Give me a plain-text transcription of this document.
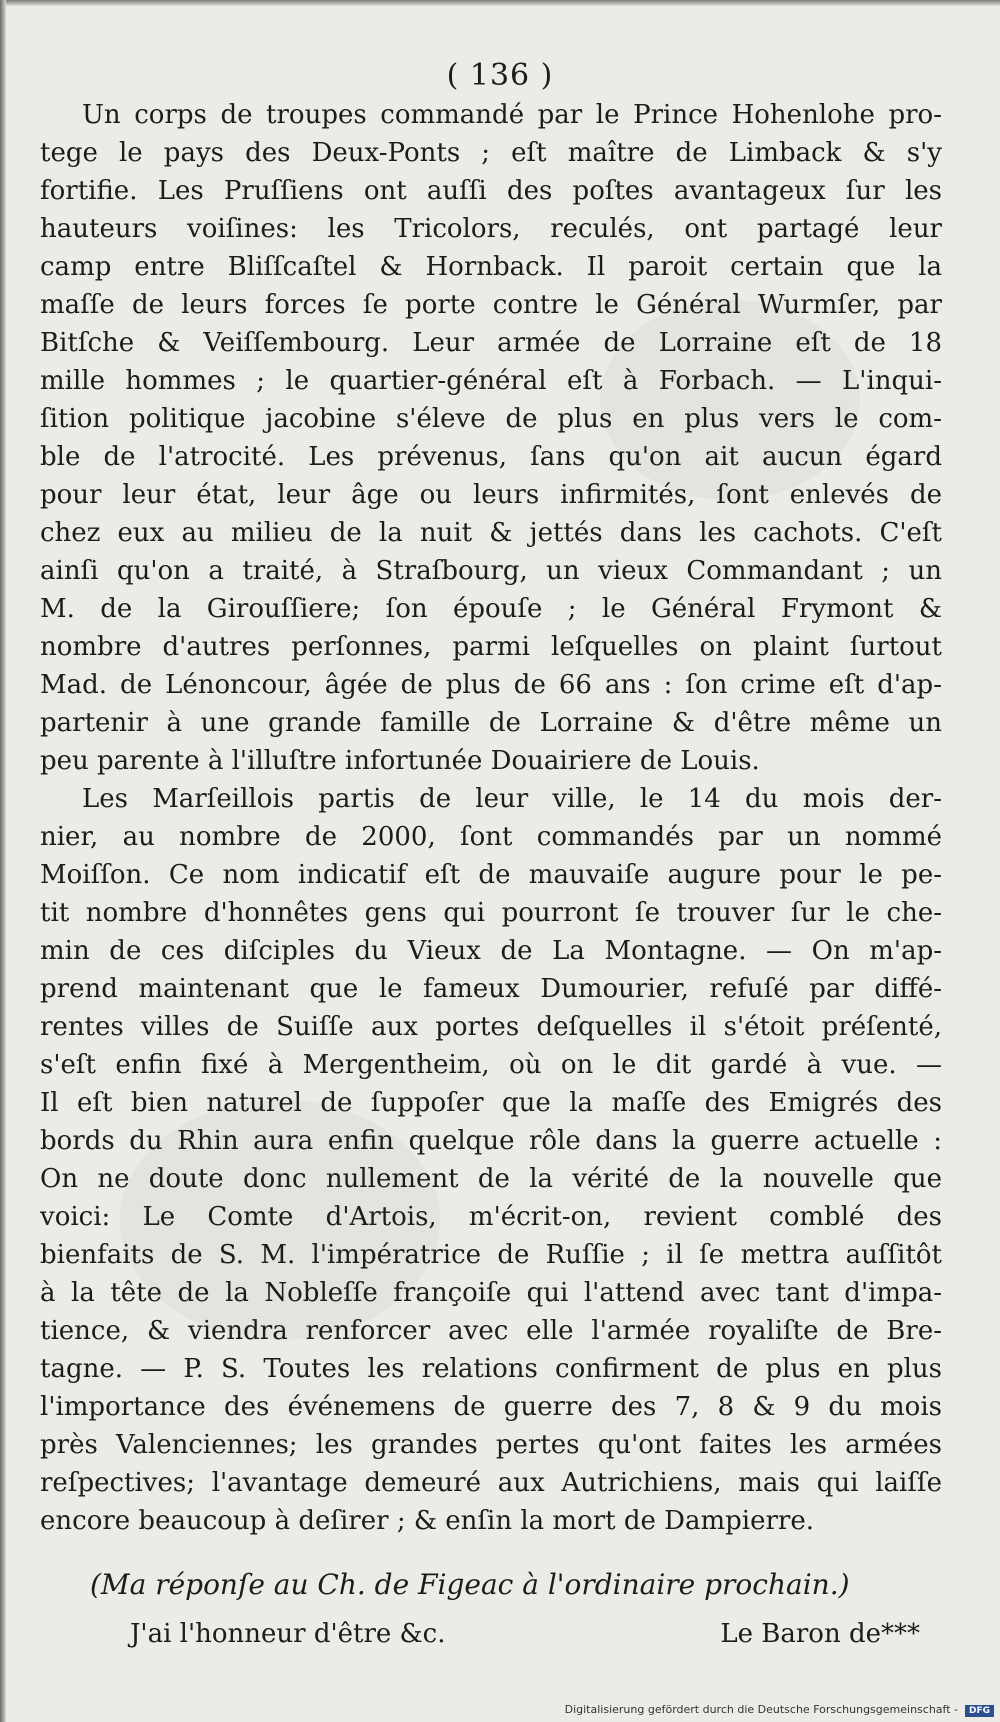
( 136 )
Un corps de troupes commandé par le Prince Hohenlohe pro-
tege le pays des Deux-Ponts ; eſt maître de Limback & s'y
fortifie. Les Pruſſiens ont auſſi des poſtes avantageux ſur les
hauteurs voiſines: les Tricolors, reculés, ont partagé leur
camp entre Bliſſcaſtel & Hornback. Il paroit certain que la
maſſe de leurs forces ſe porte contre le Général Wurmſer, par
Bitſche & Veiſſembourg. Leur armée de Lorraine eſt de 18
mille hommes ; le quartier-général eſt à Forbach. — L'inqui-
ſition politique jacobine s'éleve de plus en plus vers le com-
ble de l'atrocité. Les prévenus, ſans qu'on ait aucun égard
pour leur état, leur âge ou leurs infirmités, ſont enlevés de
chez eux au milieu de la nuit & jettés dans les cachots. C'eſt
ainſi qu'on a traité, à Straſbourg, un vieux Commandant ; un
M. de la Girouſſiere; ſon épouſe ; le Général Frymont &
nombre d'autres perſonnes, parmi leſquelles on plaint ſurtout
Mad. de Lénoncour, âgée de plus de 66 ans : ſon crime eſt d'ap-
partenir à une grande famille de Lorraine & d'être même un
peu parente à l'illuſtre infortunée Douairiere de Louis.
Les Marſeillois partis de leur ville, le 14 du mois der-
nier, au nombre de 2000, ſont commandés par un nommé
Moiſſon. Ce nom indicatif eſt de mauvaiſe augure pour le pe-
tit nombre d'honnêtes gens qui pourront ſe trouver ſur le che-
min de ces diſciples du Vieux de La Montagne. — On m'ap-
prend maintenant que le fameux Dumourier, refuſé par diffé-
rentes villes de Suiſſe aux portes deſquelles il s'étoit préſenté,
s'eſt enfin fixé à Mergentheim, où on le dit gardé à vue. —
Il eſt bien naturel de ſuppoſer que la maſſe des Emigrés des
bords du Rhin aura enfin quelque rôle dans la guerre actuelle :
On ne doute donc nullement de la vérité de la nouvelle que
voici: Le Comte d'Artois, m'écrit-on, revient comblé des
bienfaits de S. M. l'impératrice de Ruſſie ; il ſe mettra auſſitôt
à la tête de la Nobleſſe françoiſe qui l'attend avec tant d'impa-
tience, & viendra renforcer avec elle l'armée royaliſte de Bre-
tagne. — P. S. Toutes les relations confirment de plus en plus
l'importance des événemens de guerre des 7, 8 & 9 du mois
près Valenciennes; les grandes pertes qu'ont faites les armées
reſpectives; l'avantage demeuré aux Autrichiens, mais qui laiſſe
encore beaucoup à deſirer ; & enſin la mort de Dampierre.
(Ma réponſe au Ch. de Figeac à l'ordinaire prochain.)
J'ai l'honneur d'être &c.	Le Baron de***
Digitalisierung gefördert durch die Deutsche Forschungsgemeinschaft -	DFG
